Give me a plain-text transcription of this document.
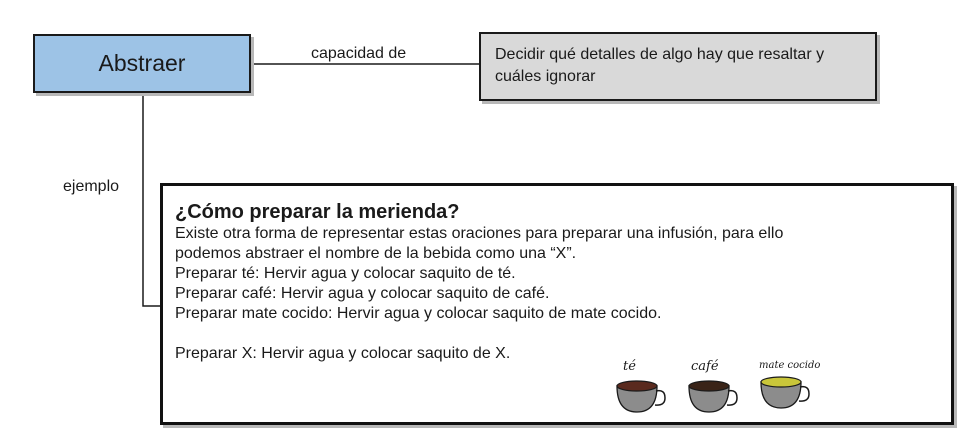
Abstraer	capacidad de	Decidir qué detalles de algo hay que resaltar y cuáles ignorar
ejemplo
¿Cómo preparar la merienda?
Existe otra forma de representar estas oraciones para preparar una infusión, para ello
podemos abstraer el nombre de la bebida como una “X”.
Preparar té: Hervir agua y colocar saquito de té.
Preparar café: Hervir agua y colocar saquito de café.
Preparar mate cocido: Hervir agua y colocar saquito de mate cocido.
Preparar X: Hervir agua y colocar saquito de X.
té	café	mate cocido
